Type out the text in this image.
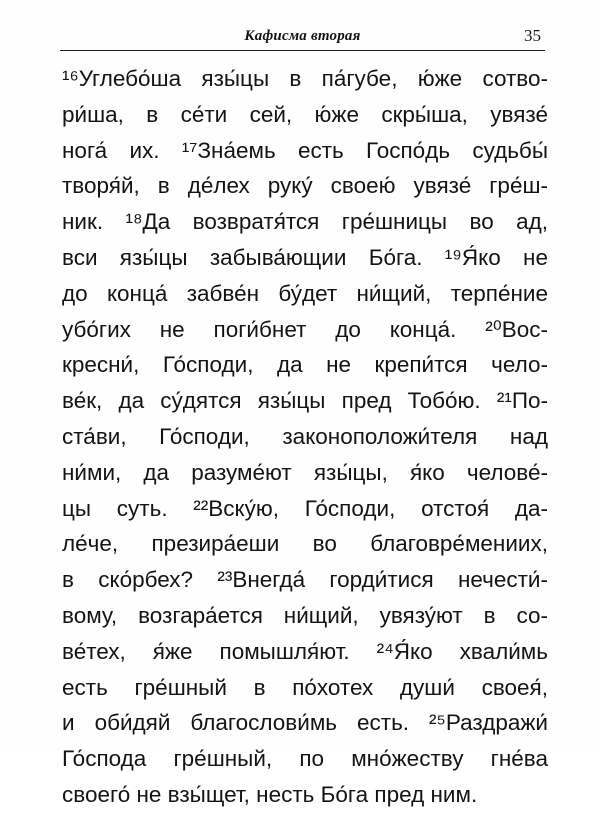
Кафисма вторая	35
¹⁶Углебо́ша язы́цы в па́губе, ю́же сотво-
ри́ша, в се́ти сей, ю́же скры́ша, увязе́
нога́ их. ¹⁷Зна́емь есть Госпо́дь судьбы́
творя́й, в де́лех руку́ своею́ увязе́ гре́ш-
ник. ¹⁸Да возвратя́тся гре́шницы во ад,
вси язы́цы забыва́ющии Бо́га. ¹⁹Я́ко не
до конца́ забве́н бу́дет ни́щий, терпе́ние
убо́гих не поги́бнет до конца́. ²⁰Вос-
кресни́, Го́споди, да не крепи́тся чело-
ве́к, да су́дятся язы́цы пред Тобо́ю. ²¹По-
ста́ви, Го́споди, законоположи́теля над
ни́ми, да разуме́ют язы́цы, я́ко челове́-
цы суть. ²²Вску́ю, Го́споди, отстоя́ да-
ле́че, презира́еши во благовре́мениих,
в ско́рбех? ²³Внегда́ горди́тися нечести́-
вому, возгара́ется ни́щий, увязу́ют в со-
ве́тех, я́же помышля́ют. ²⁴Я́ко хвали́мь
есть гре́шный в по́хотех души́ своея́,
и оби́дяй благослови́мь есть. ²⁵Раздражи́
Го́спода гре́шный, по мно́жеству гне́ва
своего́ не взы́щет, несть Бо́га пред ним.
